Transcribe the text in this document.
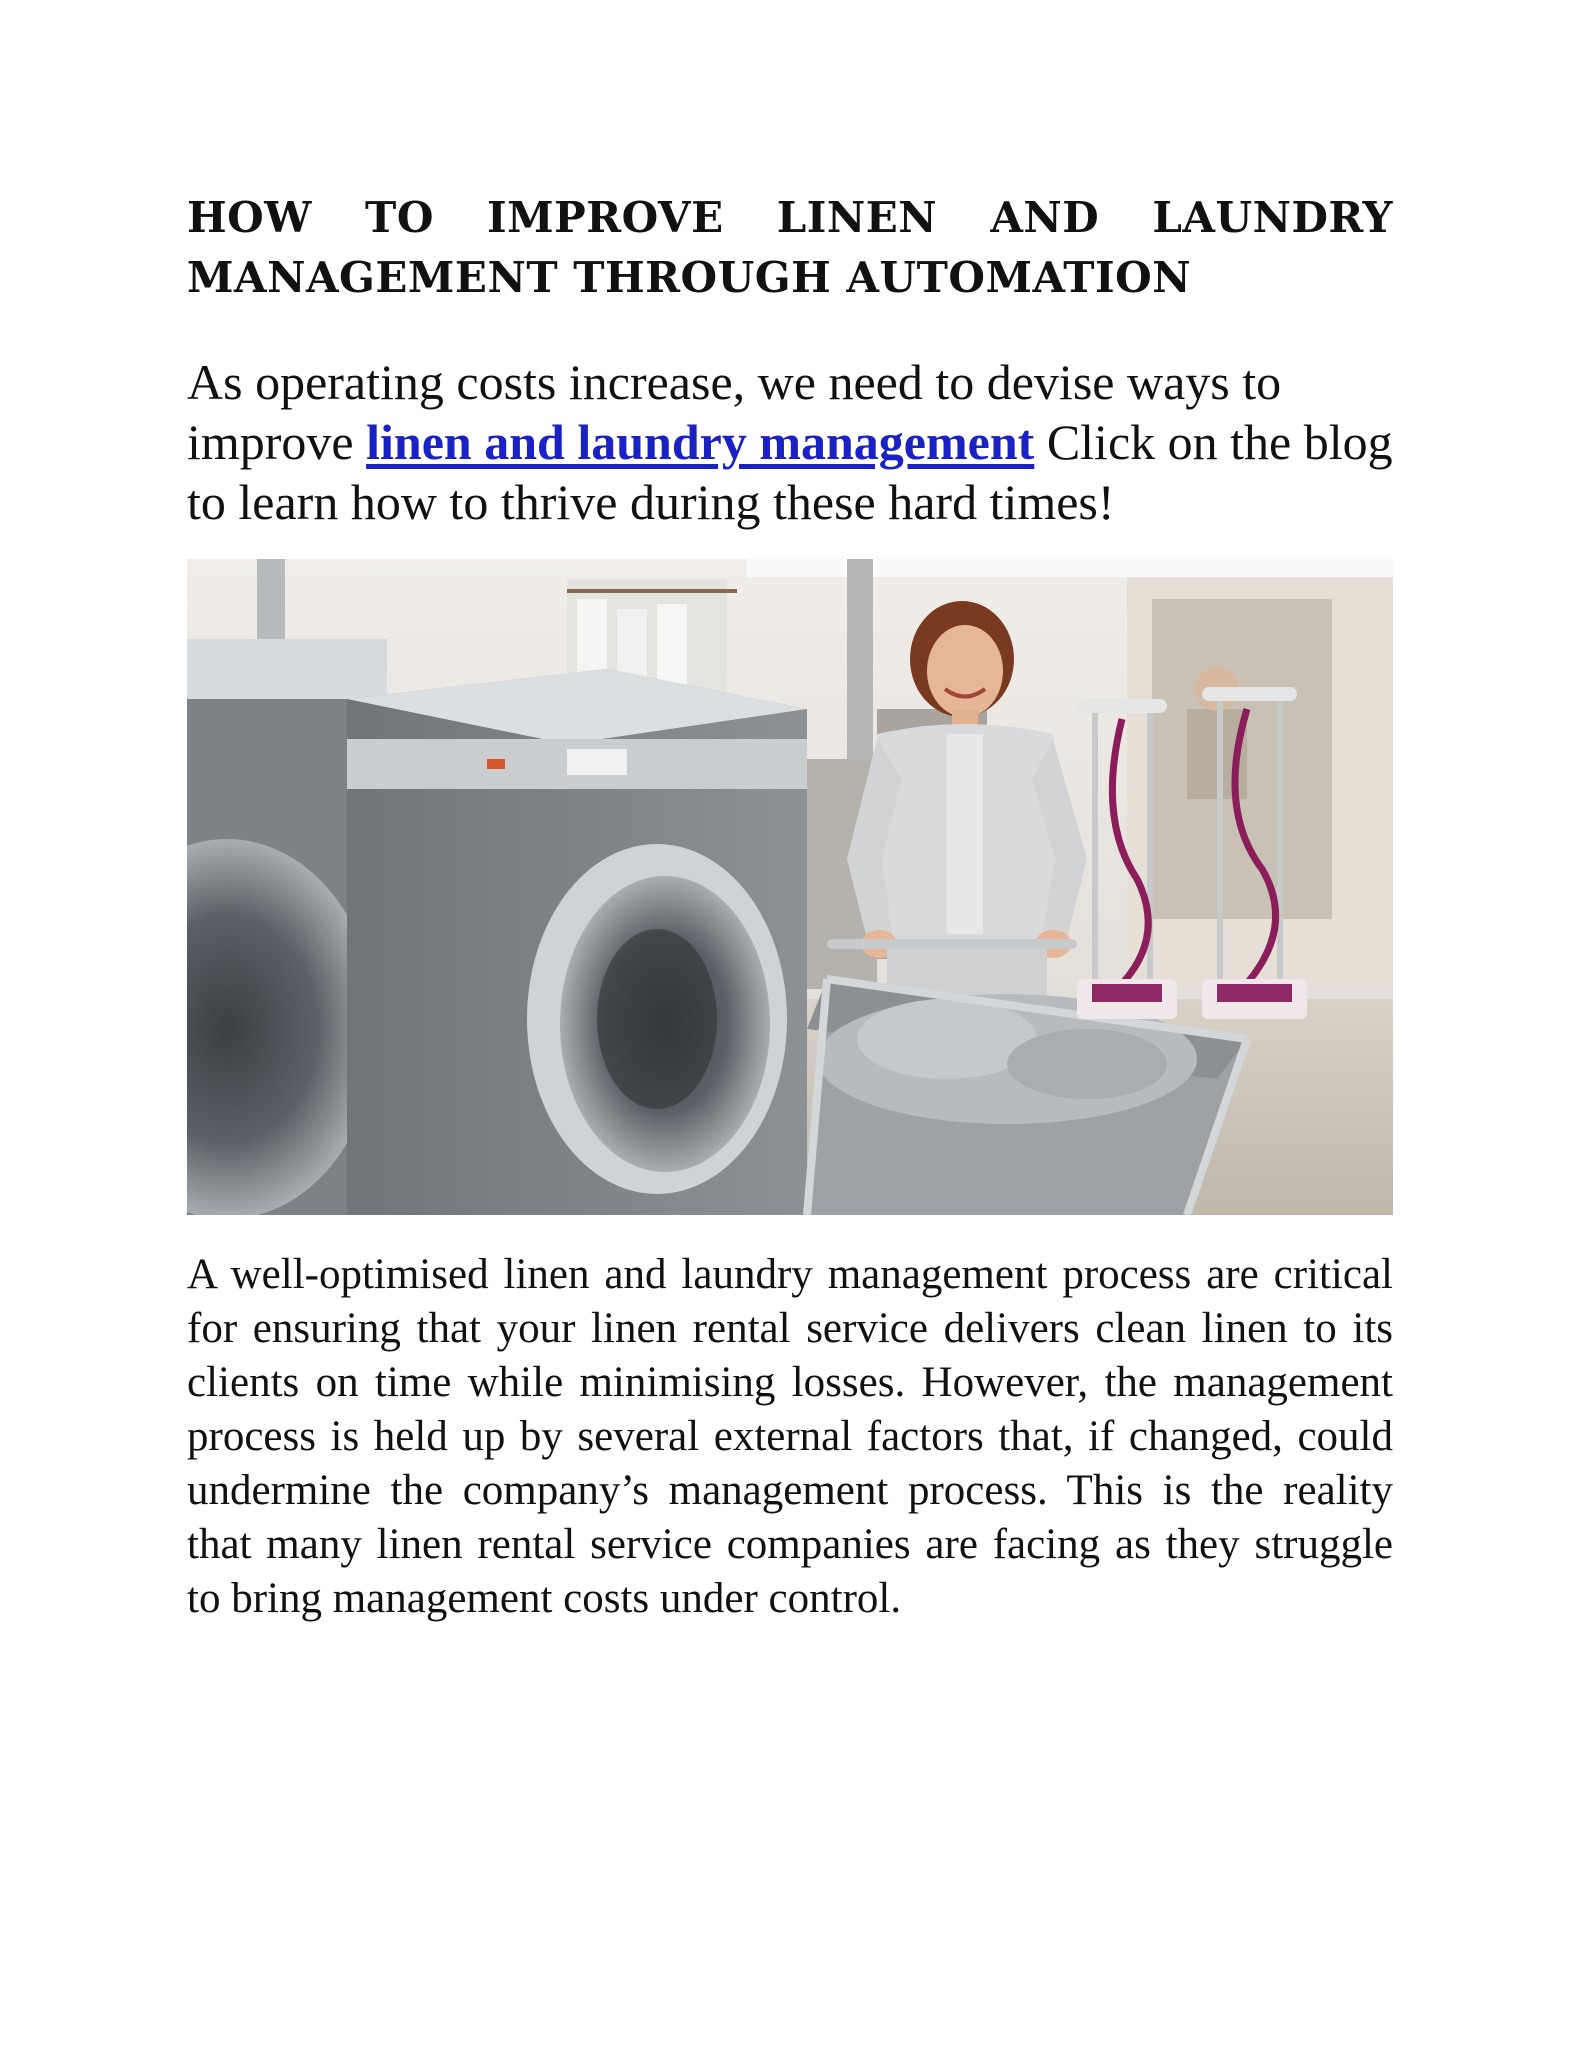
HOW TO IMPROVE LINEN AND LAUNDRY
MANAGEMENT THROUGH AUTOMATION

As operating costs increase, we need to devise ways to improve linen and laundry management Click on the blog to learn how to thrive during these hard times!

A well-optimised linen and laundry management process are critical for ensuring that your linen rental service delivers clean linen to its clients on time while minimising losses. However, the management process is held up by several external factors that, if changed, could undermine the company’s management process. This is the reality that many linen rental service companies are facing as they struggle to bring management costs under control.
